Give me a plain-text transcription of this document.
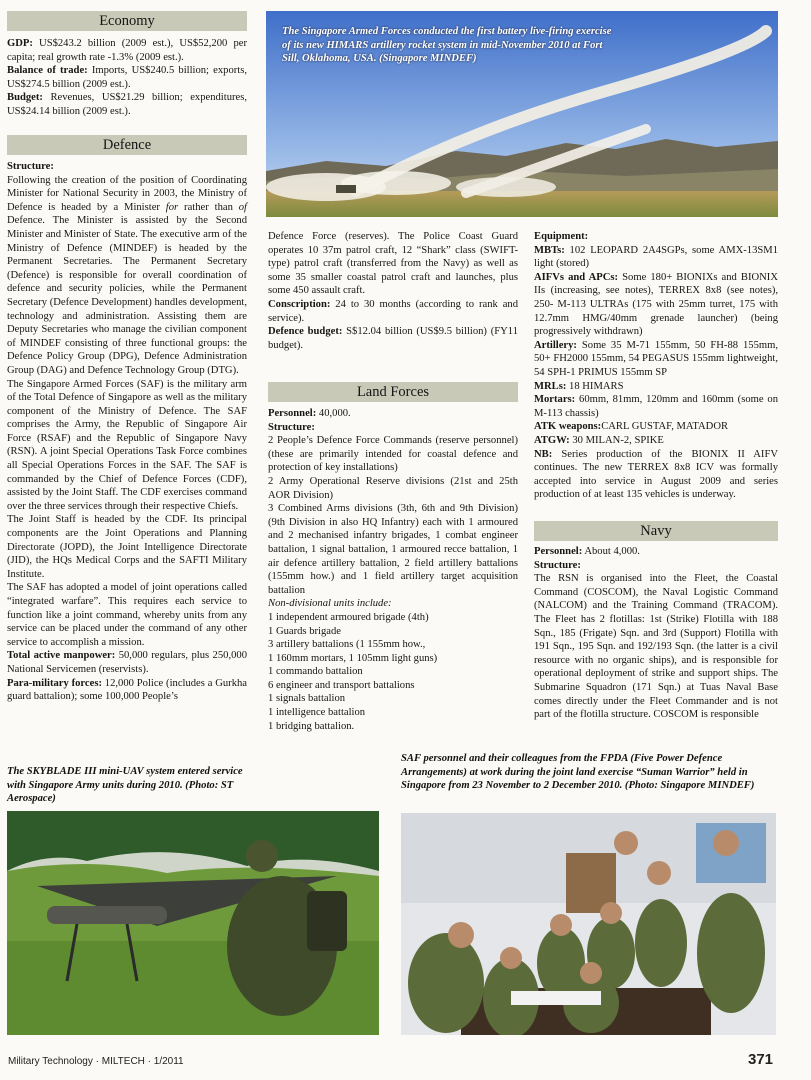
Economy

GDP: US$243.2 billion (2009 est.), US$52,200 per capita; real growth rate -1.3% (2009 est.).

Balance of trade: Imports, US$240.5 billion; exports, US$274.5 billion (2009 est.).

Budget: Revenues, US$21.29 billion; expenditures, US$24.14 billion (2009 est.).

Defence

Structure:

Following the creation of the position of Coordinating Minister for National Security in 2003, the Ministry of Defence is headed by a Minister for rather than of Defence. The Minister is assisted by the Second Minister and Minister of State. The executive arm of the Ministry of Defence (MINDEF) is headed by the Permanent Secretaries. The Permanent Secretary (Defence) is responsible for overall coordination of defence and security policies, while the Permanent Secretary (Defence Development) handles development, technology and administration. Assisting them are Deputy Secretaries who manage the civilian component of MINDEF consisting of three functional groups: the Defence Policy Group (DPG), Defence Administration Group (DAG) and Defence Technology Group (DTG).

The Singapore Armed Forces (SAF) is the military arm of the Total Defence of Singapore as well as the military component of the Ministry of Defence. The SAF comprises the Army, the Republic of Singapore Air Force (RSAF) and the Republic of Singapore Navy (RSN). A joint Special Operations Task Force combines all Special Operations Forces in the SAF. The SAF is commanded by the Chief of Defence Forces (CDF), assisted by the Joint Staff. The CDF exercises command over the three services through their respective Chiefs.

The Joint Staff is headed by the CDF. Its principal components are the Joint Operations and Planning Directorate (JOPD), the Joint Intelligence Directorate (JID), the HQs Medical Corps and the SAFTI Military Institute.

The SAF has adopted a model of joint operations called “integrated warfare”. This requires each service to function like a joint command, whereby units from any service can be placed under the command of any other service to accomplish a mission.

Total active manpower: 50,000 regulars, plus 250,000 National Servicemen (reservists).

Para-military forces: 12,000 Police (includes a Gurkha guard battalion); some 100,000 People’s

The Singapore Armed Forces conducted the first battery live-firing exercise of its new HIMARS artillery rocket system in mid-November 2010 at Fort Sill, Oklahoma, USA. (Singapore MINDEF)

Defence Force (reserves). The Police Coast Guard operates 10 37m patrol craft, 12 “Shark” class (SWIFT-type) patrol craft (transferred from the Navy) as well as some 35 smaller coastal patrol craft and launches, plus some 450 assault craft.

Conscription: 24 to 30 months (according to rank and service).

Defence budget: S$12.04 billion (US$9.5 billion) (FY11 budget).

Land Forces

Personnel: 40,000.

Structure:

2 People’s Defence Force Commands (reserve personnel)(these are primarily intended for coastal defence and protection of key installations)

2 Army Operational Reserve divisions (21st and 25th AOR Division)

3 Combined Arms divisions (3th, 6th and 9th Division)(9th Division in also HQ Infantry) each with 1 armoured and 2 mechanised infantry brigades, 1 combat engineer battalion, 1 signal battalion, 1 armoured recce battalion, 1 air defence artillery battalion, 2 field artillery battalions (155mm how.) and 1 field artillery target acquisition battalion

Non-divisional units include:

1 independent armoured brigade (4th)

1 Guards brigade

3 artillery battalions (1 155mm how.,

1 160mm mortars, 1 105mm light guns)

1 commando battalion

6 engineer and transport battalions

1 signals battalion

1 intelligence battalion

1 bridging battalion.

Equipment:

MBTs: 102 LEOPARD 2A4SGPs, some AMX-13SM1 light (stored)

AIFVs and APCs: Some 180+ BIONIXs and BIONIX IIs (increasing, see notes), TERREX 8x8 (see notes), 250- M-113 ULTRAs (175 with 25mm turret, 175 with 12.7mm HMG/40mm grenade launcher) (being progressively withdrawn)

Artillery: Some 35 M-71 155mm, 50 FH-88 155mm, 50+ FH2000 155mm, 54 PEGASUS 155mm lightweight, 54 SPH-1 PRIMUS 155mm SP

MRLs: 18 HIMARS

Mortars: 60mm, 81mm, 120mm and 160mm (some on M-113 chassis)

ATK weapons:CARL GUSTAF, MATADOR

ATGW: 30 MILAN-2, SPIKE

NB: Series production of the BIONIX II AIFV continues. The new TERREX 8x8 ICV was formally accepted into service in August 2009 and series production of at least 135 vehicles is underway.

Navy

Personnel: About 4,000.

Structure:

The RSN is organised into the Fleet, the Coastal Command (COSCOM), the Naval Logistic Command (NALCOM) and the Training Command (TRACOM). The Fleet has 2 flotillas: 1st (Strike) Flotilla with 188 Sqn., 185 (Frigate) Sqn. and 3rd (Support) Flotilla with 191 Sqn., 195 Sqn. and 192/193 Sqn. (the latter is a civil resource with no organic ships), and is responsible for operational deployment of strike and support ships. The Submarine Squadron (171 Sqn.) at Tuas Naval Base comes directly under the Fleet Commander and is not part of the flotilla structure. COSCOM is responsible

The SKYBLADE III mini-UAV system entered service with Singapore Army units during 2010. (Photo: ST Aerospace)
SAF personnel and their colleagues from the FPDA (Five Power Defence Arrangements) at work during the joint land exercise “Suman Warrior” held in Singapore from 23 November to 2 December 2010. (Photo: Singapore MINDEF)
Military Technology · MILTECH · 1/2011	371
